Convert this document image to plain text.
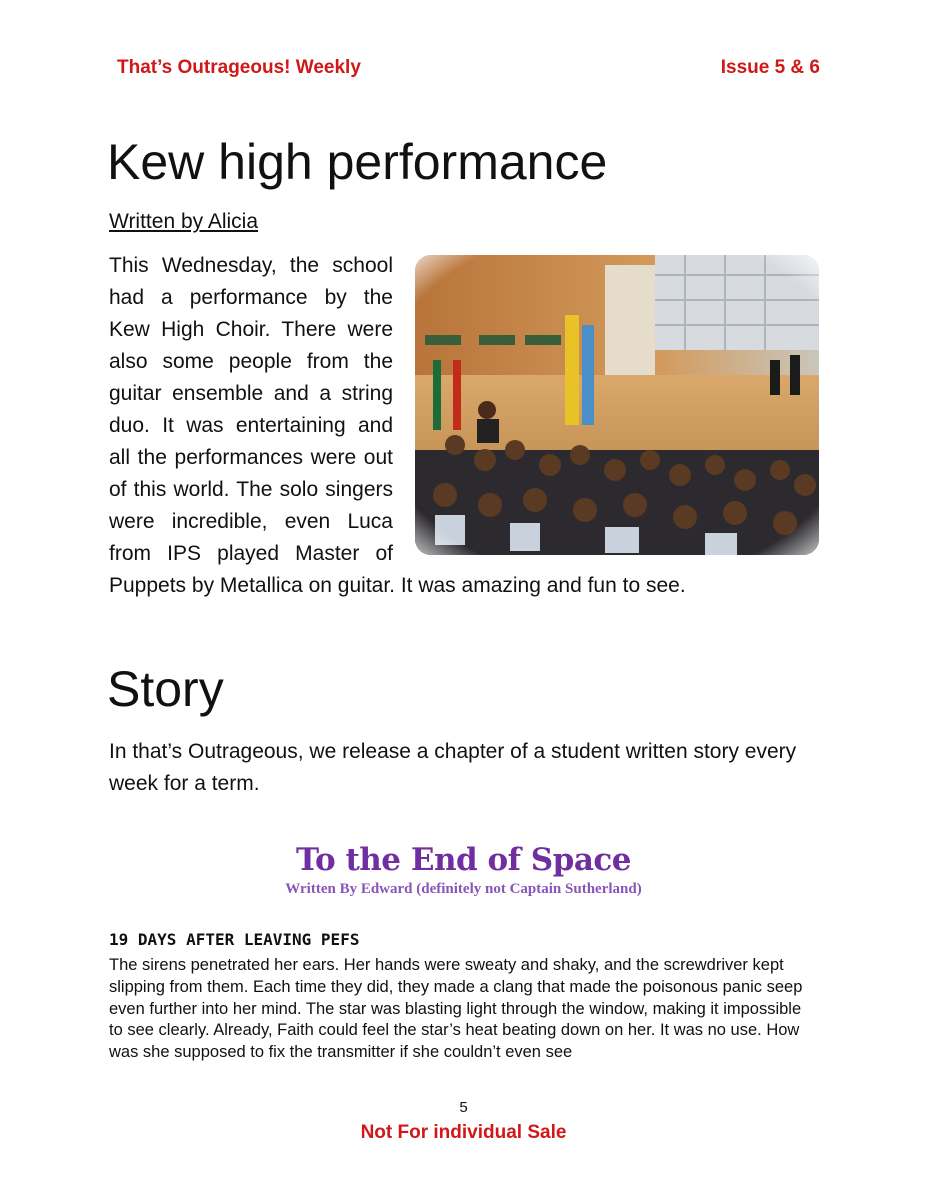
That’s Outrageous! Weekly	Issue 5 & 6
Kew high performance
Written by Alicia
This Wednesday, the school had a performance by the Kew High Choir. There were also some people from the guitar ensemble and a string duo. It was entertaining and all the performances were out of this world. The solo singers were incredible, even Luca from IPS played Master of Puppets by Metallica on guitar. It was amazing and fun to see.
Story
In that’s Outrageous, we release a chapter of a student written story every week for a term.
To the End of Space
Written By Edward (definitely not Captain Sutherland)
19 DAYS AFTER LEAVING PEFS
The sirens penetrated her ears. Her hands were sweaty and shaky, and the screwdriver kept slipping from them. Each time they did, they made a clang that made the poisonous panic seep even further into her mind. The star was blasting light through the window, making it impossible to see clearly. Already, Faith could feel the star’s heat beating down on her. It was no use. How was she supposed to fix the transmitter if she couldn’t even see
5
Not For individual Sale
